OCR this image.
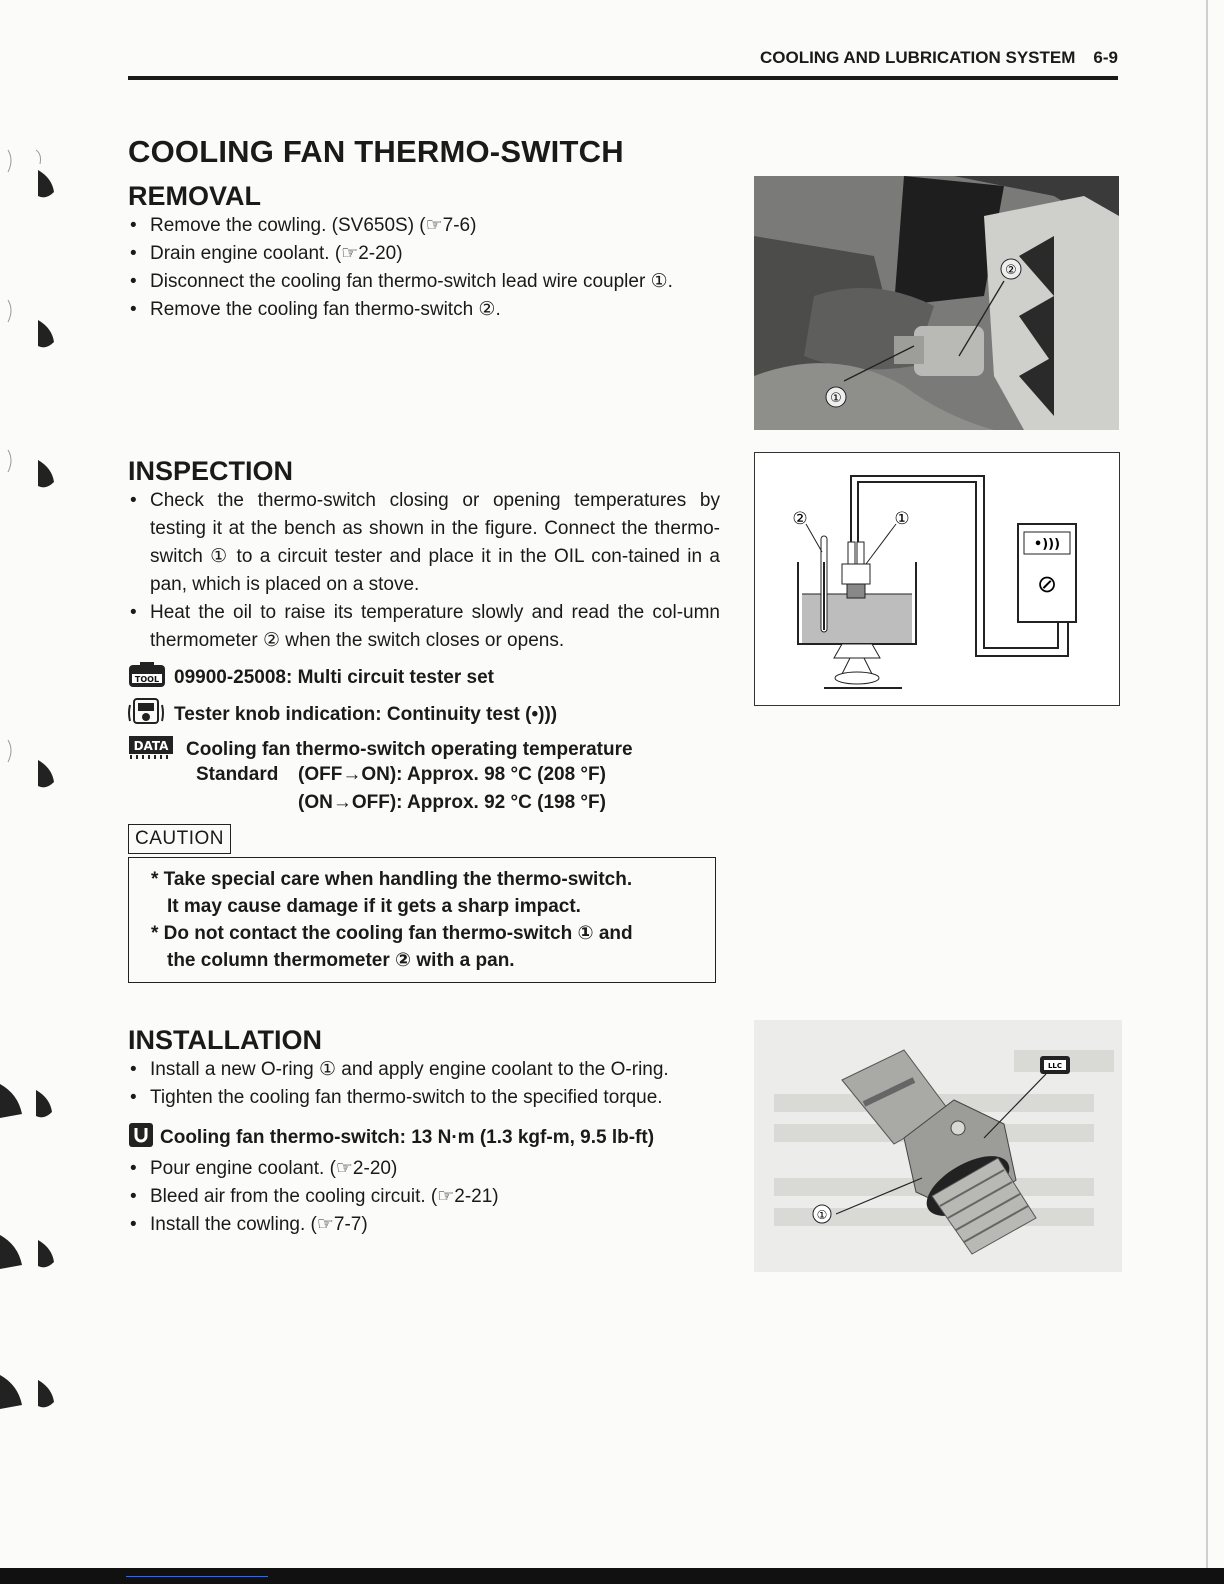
COOLING AND LUBRICATION SYSTEM 6-9
COOLING FAN THERMO-SWITCH
REMOVAL
• Remove the cowling. (SV650S) (☞7-6)
• Drain engine coolant. (☞2-20)
• Disconnect the cooling fan thermo-switch lead wire coupler ①.
• Remove the cooling fan thermo-switch ②.
②
①
INSPECTION
• Check the thermo-switch closing or opening temperatures by testing it at the bench as shown in the figure. Connect the thermo-switch ① to a circuit tester and place it in the OIL con-tained in a pan, which is placed on a stove.
• Heat the oil to raise its temperature slowly and read the col-umn thermometer ② when the switch closes or opens.
TOOL 09900-25008: Multi circuit tester set
Tester knob indication: Continuity test (•)))
DATA Cooling fan thermo-switch operating temperature
Standard (OFF→ON): Approx. 98 °C (208 °F)
(ON→OFF): Approx. 92 °C (198 °F)
CAUTION

* Take special care when handling the thermo-switch.

It may cause damage if it gets a sharp impact.

* Do not contact the cooling fan thermo-switch ① and

the column thermometer ② with a pan.

•)))
⊘
②	①
INSTALLATION
• Install a new O-ring ① and apply engine coolant to the O-ring.
• Tighten the cooling fan thermo-switch to the specified torque.
Cooling fan thermo-switch: 13 N·m (1.3 kgf-m, 9.5 lb-ft)
• Pour engine coolant. (☞2-20)
• Bleed air from the cooling circuit. (☞2-21)
• Install the cowling. (☞7-7)	①
LLC
